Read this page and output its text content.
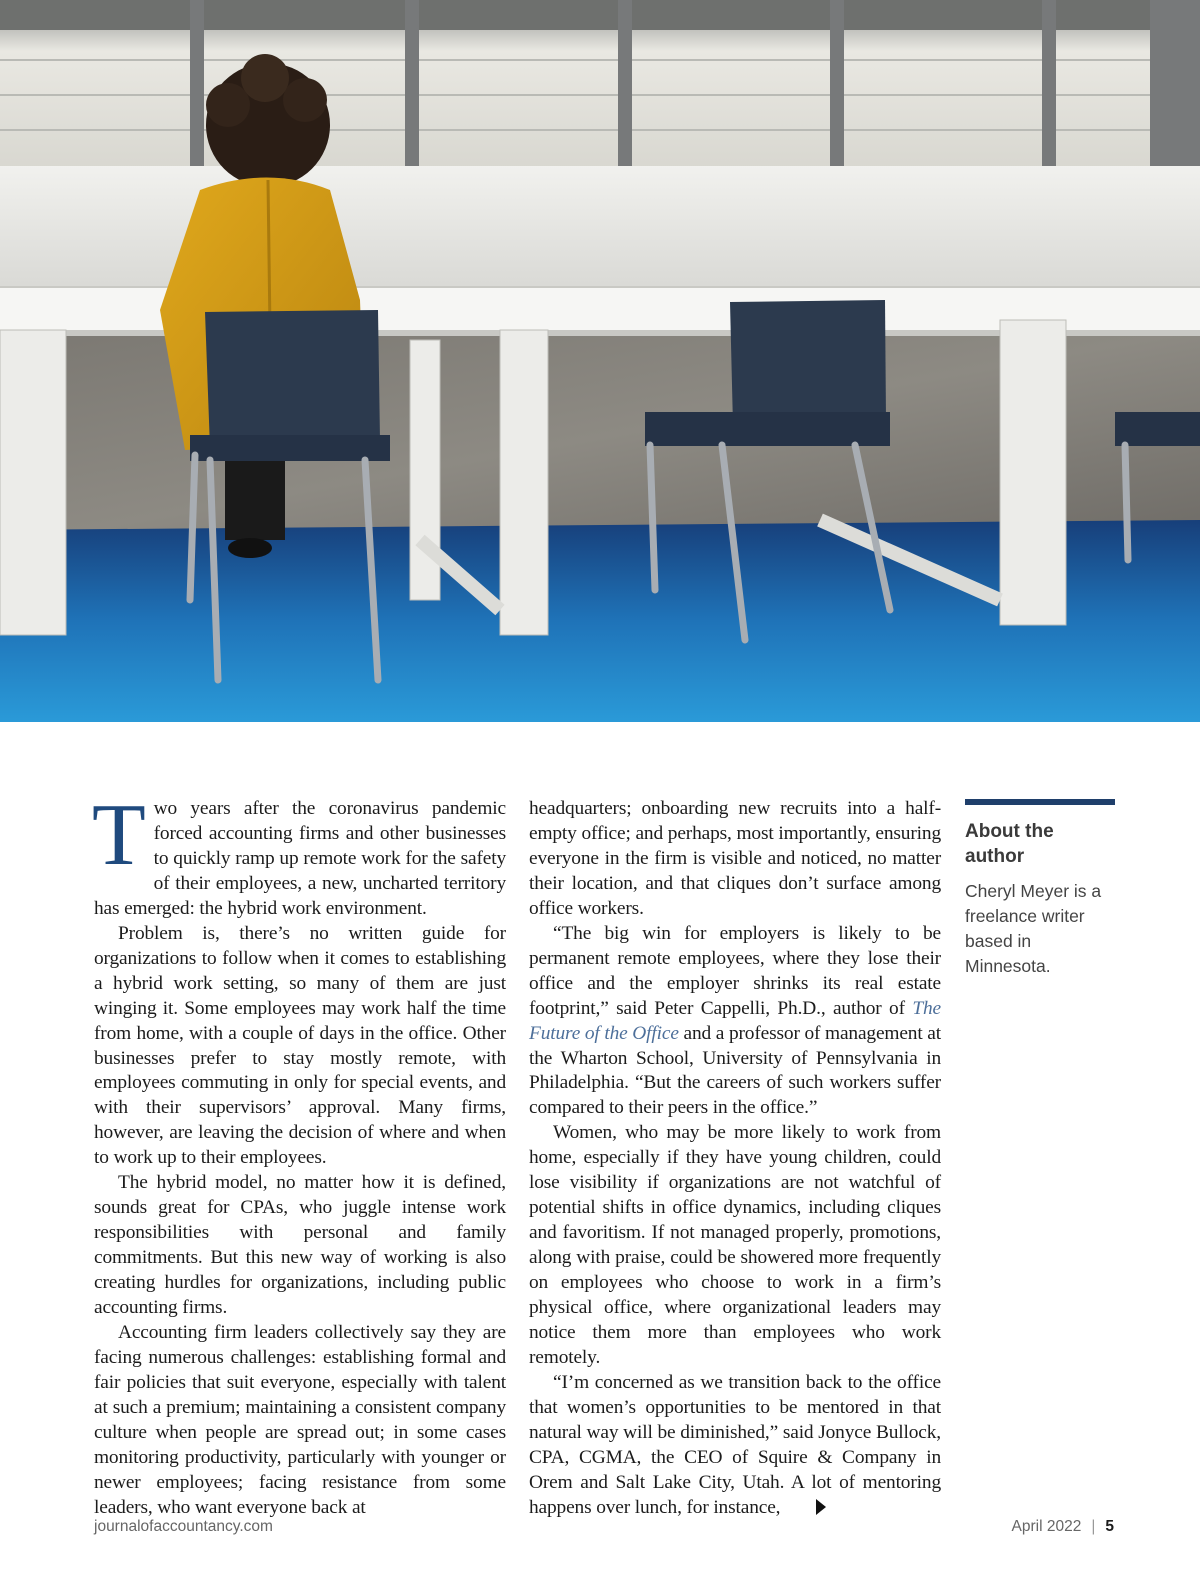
Two years after the coronavirus pandemic forced accounting firms and other businesses to quickly ramp up remote work for the safety of their employees, a new, uncharted territory has emerged: the hybrid work environment.

Problem is, there’s no written guide for organizations to follow when it comes to establishing a hybrid work setting, so many of them are just winging it. Some employees may work half the time from home, with a couple of days in the office. Other businesses prefer to stay mostly remote, with employees commuting in only for special events, and with their supervisors’ approval. Many firms, however, are leaving the decision of where and when to work up to their employees.

The hybrid model, no matter how it is defined, sounds great for CPAs, who juggle intense work responsibilities with personal and family commitments. But this new way of working is also creating hurdles for organizations, including public accounting firms.

Accounting firm leaders collectively say they are facing numerous challenges: establishing formal and fair policies that suit everyone, especially with talent at such a premium; maintaining a consistent company culture when people are spread out; in some cases monitoring productivity, particularly with younger or newer employees; facing resistance from some leaders, who want everyone back at

headquarters; onboarding new recruits into a half-empty office; and perhaps, most importantly, ensuring everyone in the firm is visible and noticed, no matter their location, and that cliques don’t surface among office workers.

“The big win for employers is likely to be permanent remote employees, where they lose their office and the employer shrinks its real estate footprint,” said Peter Cappelli, Ph.D., author of The Future of the Office and a professor of management at the Wharton School, University of Pennsylvania in Philadelphia. “But the careers of such workers suffer compared to their peers in the office.”

Women, who may be more likely to work from home, especially if they have young children, could lose visibility if organizations are not watchful of potential shifts in office dynamics, including cliques and favoritism. If not managed properly, promotions, along with praise, could be showered more frequently on employees who choose to work in a firm’s physical office, where organizational leaders may notice them more than employees who work remotely.

“I’m concerned as we transition back to the office that women’s opportunities to be mentored in that natural way will be diminished,” said Jonyce Bullock, CPA, CGMA, the CEO of Squire & Company in Orem and Salt Lake City, Utah. A lot of mentoring happens over lunch, for instance,

About the author

Cheryl Meyer is a freelance writer based in Minnesota.

journalofaccountancy.com	April 2022 | 5
